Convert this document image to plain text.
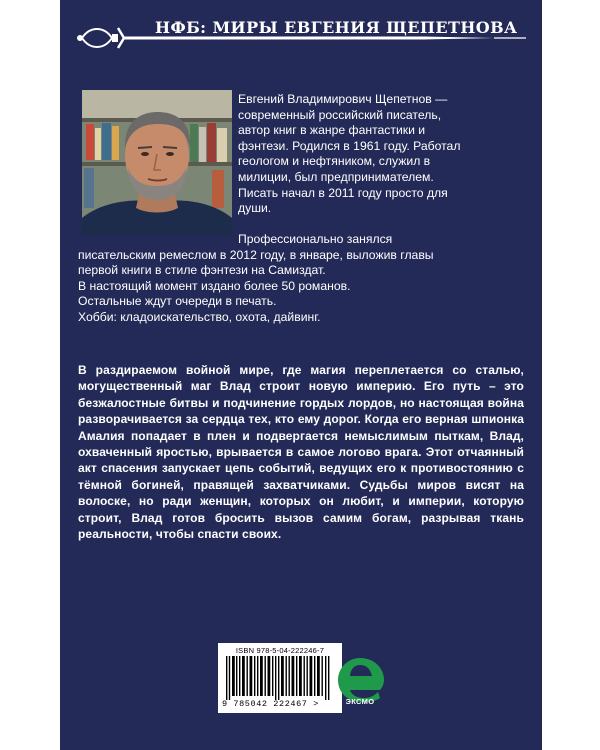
НФБ: МИРЫ ЕВГЕНИЯ ЩЕПЕТНОВА

Евгений Владимирович Щепетнов —

современный российский писатель,

автор книг в жанре фантастики и

фэнтези. Родился в 1961 году. Работал

геологом и нефтяником, служил в

милиции, был предпринимателем.

Писать начал в 2011 году просто для

души.

Профессионально занялся

писательским ремеслом в 2012 году, в январе, выложив главы

первой книги в стиле фэнтези на Самиздат.

В настоящий момент издано более 50 романов.

Остальные ждут очереди в печать.

Хобби: кладоискательство, охота, дайвинг.

В раздираемом войной мире, где магия переплетается со сталью, могущественный маг Влад строит новую империю. Его путь – это безжалостные битвы и подчинение гордых лордов, но настоящая война разворачивается за сердца тех, кто ему дорог. Когда его верная шпионка Амалия попадает в плен и подвергается немыслимым пыткам, Влад, охваченный яростью, врывается в самое логово врага. Этот отчаянный акт спасения запускает цепь событий, ведущих его к противостоянию с тёмной богиней, правящей захватчиками. Судьбы миров висят на волоске, но ради женщин, которых он любит, и империи, которую строит, Влад готов бросить вызов самим богам, разрывая ткань реальности, чтобы спасти своих.
ISBN 978-5-04-222246-7
9 785042 222467 >	ЭКСМО
